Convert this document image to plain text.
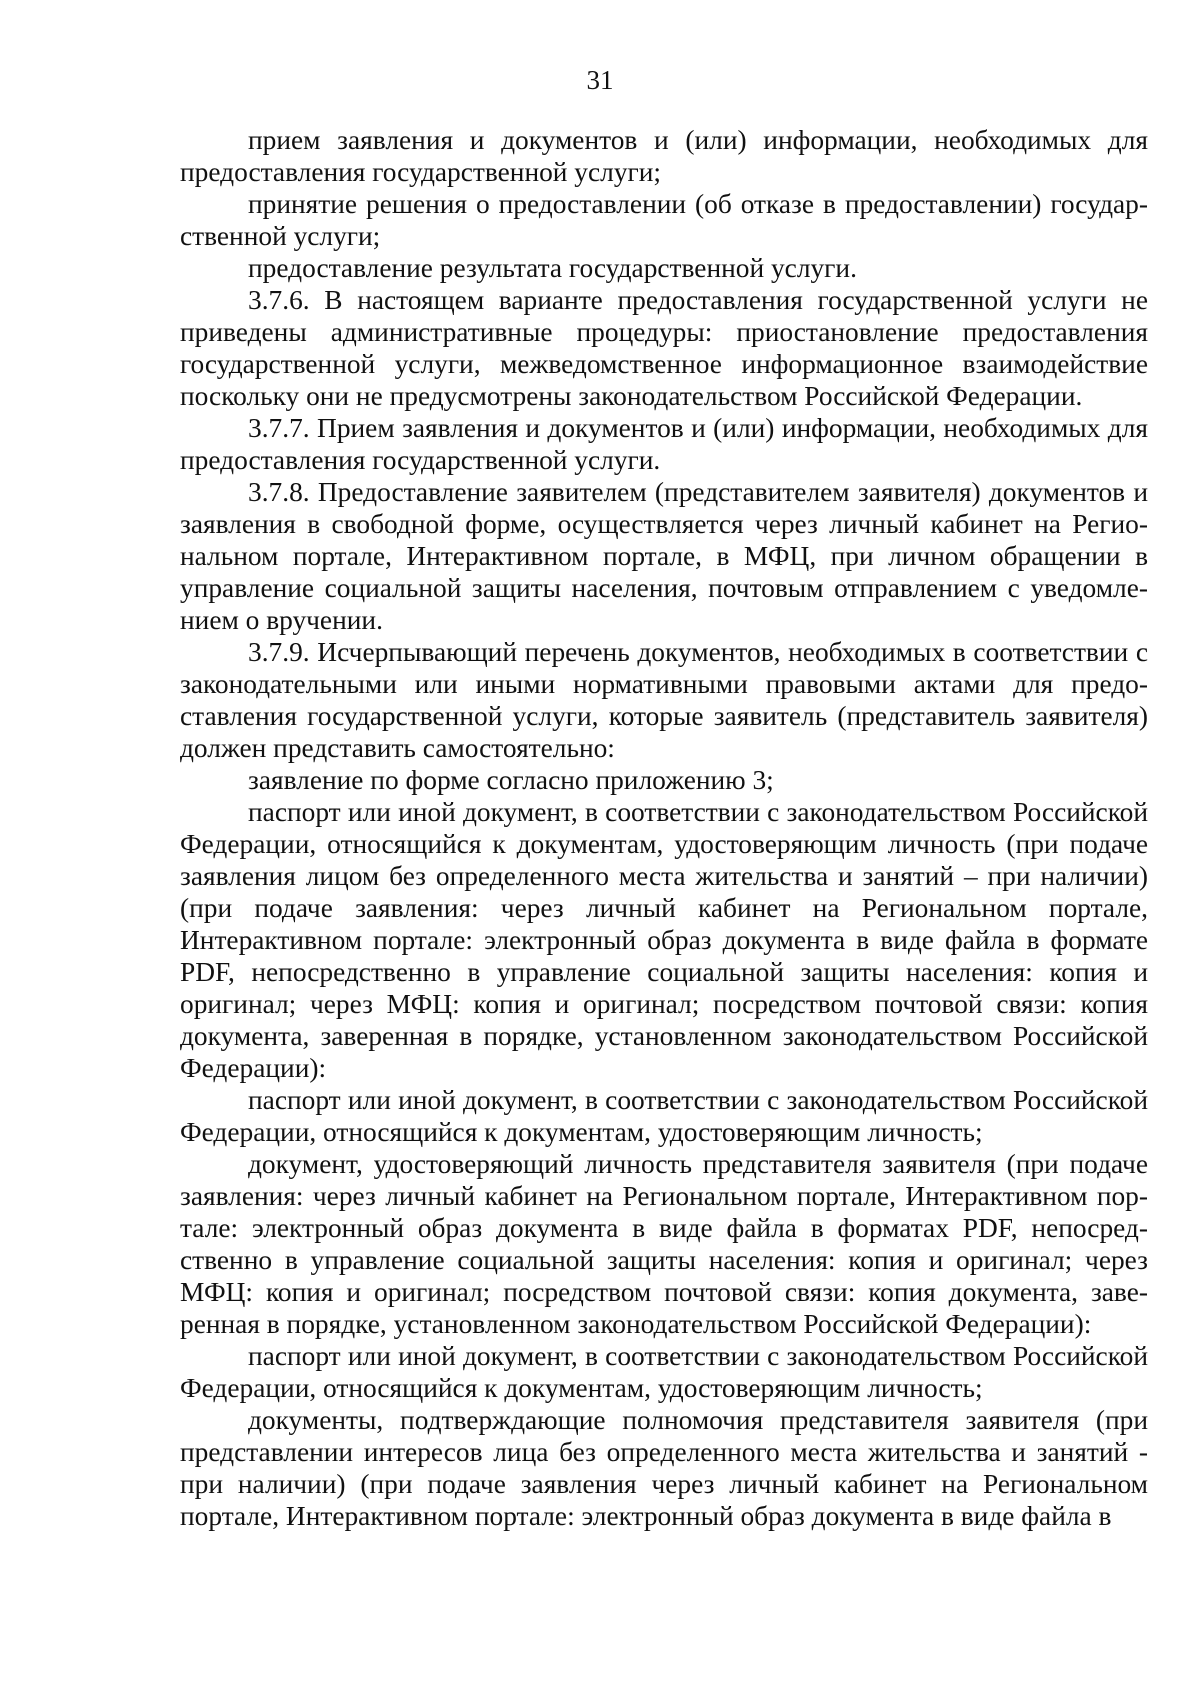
31

прием заявления и документов и (или) информации, необходимых для предоставления государственной услуги;

принятие решения о предоставлении (об отказе в предоставлении) государственной услуги;

предоставление результата государственной услуги.

3.7.6. В настоящем варианте предоставления государственной услуги не приведены административные процедуры: приостановление предоставления государственной услуги, межведомственное информационное взаимодействие поскольку они не предусмотрены законодательством Российской Федерации.

3.7.7. Прием заявления и документов и (или) информации, необходимых для предоставления государственной услуги.

3.7.8. Предоставление заявителем (представителем заявителя) документов и заявления в свободной форме, осуществляется через личный кабинет на Региональном портале, Интерактивном портале, в МФЦ, при личном обращении в управление социальной защиты населения, почтовым отправлением с уведомлением о вручении.

3.7.9. Исчерпывающий перечень документов, необходимых в соответствии с законодательными или иными нормативными правовыми актами для предоставления государственной услуги, которые заявитель (представитель заявителя) должен представить самостоятельно:

заявление по форме согласно приложению 3;

паспорт или иной документ, в соответствии с законодательством Российской Федерации, относящийся к документам, удостоверяющим личность (при подаче заявления лицом без определенного места жительства и занятий – при наличии) (при подаче заявления: через личный кабинет на Региональном портале, Интерактивном портале: электронный образ документа в виде файла в формате PDF, непосредственно в управление социальной защиты населения: копия и оригинал; через МФЦ: копия и оригинал; посредством почтовой связи: копия документа, заверенная в порядке, установленном законодательством Российской Федерации):

паспорт или иной документ, в соответствии с законодательством Российской Федерации, относящийся к документам, удостоверяющим личность;

документ, удостоверяющий личность представителя заявителя (при подаче заявления: через личный кабинет на Региональном портале, Интерактивном портале: электронный образ документа в виде файла в форматах PDF, непосредственно в управление социальной защиты населения: копия и оригинал; через МФЦ: копия и оригинал; посредством почтовой связи: копия документа, заверенная в порядке, установленном законодательством Российской Федерации):

паспорт или иной документ, в соответствии с законодательством Российской Федерации, относящийся к документам, удостоверяющим личность;

документы, подтверждающие полномочия представителя заявителя (при представлении интересов лица без определенного места жительства и занятий - при наличии) (при подаче заявления через личный кабинет на Региональном портале, Интерактивном портале: электронный образ документа в виде файла в
